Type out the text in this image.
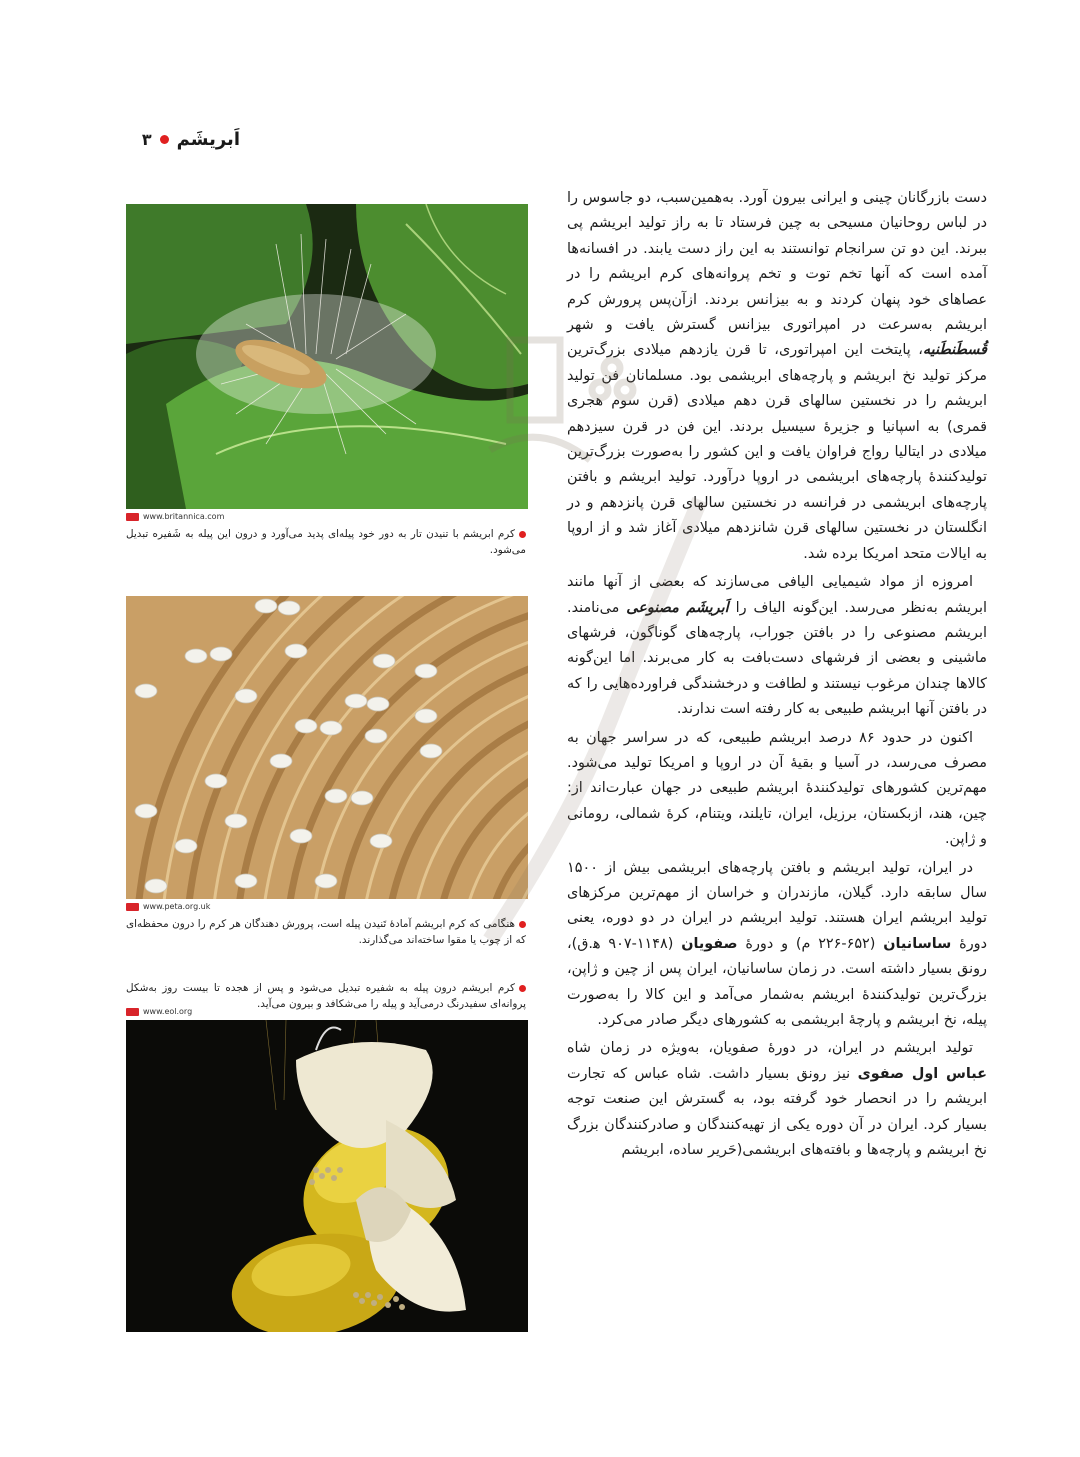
اَبریشَم
۳
www.britannica.com
کرم ابریشم با تنیدن تار به دور خود پیله‌ای پدید می‌آورد و درون این پیله به شَفیره تبدیل می‌شود.
www.peta.org.uk
هنگامی که کرم ابریشم آمادهٔ تَنیدن پیله است، پرورش دهندگان هر کرم را درون محفظه‌ای که از چوب یا مقوا ساخته‌اند می‌گذارند.
کرم ابریشم درون پیله به شفیره تبدیل می‌شود و پس از هجده تا بیست روز به‌شکل پروانه‌ای سفیدرنگ درمی‌آید و پیله را می‌شکافد و بیرون می‌آید.
www.eol.org

دست بازرگانان چینی و ایرانی بیرون آورد. به‌همین‌سبب، دو جاسوس را در لباس روحانیان مسیحی به چین فرستاد تا به راز تولید ابریشم پی ببرند. این دو تن سرانجام توانستند به این راز دست یابند. در افسانه‌ها آمده است که آنها تخم توت و تخم پروانه‌های کرم ابریشم را در عصاهای خود پنهان کردند و به بیزانس بردند. ازآن‌پس پرورش کرم ابریشم به‌سرعت در امپراتوری بیزانس گسترش یافت و شهر قُسطَنطَنیه، پایتخت این امپراتوری، تا قرن یازدهم میلادی بزرگ‌ترین مرکز تولید نخ ابریشم و پارچه‌های ابریشمی بود. مسلمانان فن تولید ابریشم را در نخستین سالهای قرن دهم میلادی (قرن سوم هجری قمری) به اسپانیا و جزیرهٔ سیسیل بردند. این فن در قرن سیزدهم میلادی در ایتالیا رواج فراوان یافت و این کشور را به‌صورت بزرگ‌ترین تولیدکنندهٔ پارچه‌های ابریشمی در اروپا درآورد. تولید ابریشم و بافتن پارچه‌های ابریشمی در فرانسه در نخستین سالهای قرن پانزدهم و در انگلستان در نخستین سالهای قرن شانزدهم میلادی آغاز شد و از اروپا به ایالات متحد امریکا برده شد.

امروزه از مواد شیمیایی الیافی می‌سازند که بعضی از آنها مانند ابریشم به‌نظر می‌رسد. این‌گونه الیاف را اَبریشَم مصنوعی می‌نامند. ابریشم مصنوعی را در بافتن جوراب، پارچه‌های گوناگون، فرشهای ماشینی و بعضی از فرشهای دست‌بافت به کار می‌برند. اما این‌گونه کالاها چندان مرغوب نیستند و لطافت و درخشندگی فراورده‌هایی را که در بافتن آنها ابریشم طبیعی به کار رفته است ندارند.

اکنون در حدود ۸۶ درصد ابریشم طبیعی، که در سراسر جهان به مصرف می‌رسد، در آسیا و بقیهٔ آن در اروپا و امریکا تولید می‌شود. مهم‌ترین کشورهای تولیدکنندهٔ ابریشم طبیعی در جهان عبارت‌اند از: چین، هند، ازبکستان، برزیل، ایران، تایلند، ویتنام، کرهٔ شمالی، رومانی و ژاپن.

در ایران، تولید ابریشم و بافتن پارچه‌های ابریشمی بیش از ۱۵۰۰ سال سابقه دارد. گیلان، مازندران و خراسان از مهم‌ترین مرکزهای تولید ابریشم ایران هستند. تولید ابریشم در ایران در دو دوره، یعنی دورهٔ ساسانیان (۶۵۲-۲۲۶ م) و دورهٔ صفویان (۱۱۴۸-۹۰۷ ه‍.ق)، رونق بسیار داشته است. در زمان ساسانیان، ایران پس از چین و ژاپن، بزرگ‌ترین تولیدکنندهٔ ابریشم به‌شمار می‌آمد و این کالا را به‌صورت پیله، نخ ابریشم و پارچهٔ ابریشمی به کشورهای دیگر صادر می‌کرد.

تولید ابریشم در ایران، در دورهٔ صفویان، به‌ویژه در زمان شاه عباس اول صفوی نیز رونق بسیار داشت. شاه عباس که تجارت ابریشم را در انحصار خود گرفته بود، به گسترش این صنعت توجه بسیار کرد. ایران در آن دوره یکی از تهیه‌کنندگان و صادرکنندگان بزرگ نخ ابریشم و پارچه‌ها و بافته‌های ابریشمی(حَریر ساده، ابریشم
